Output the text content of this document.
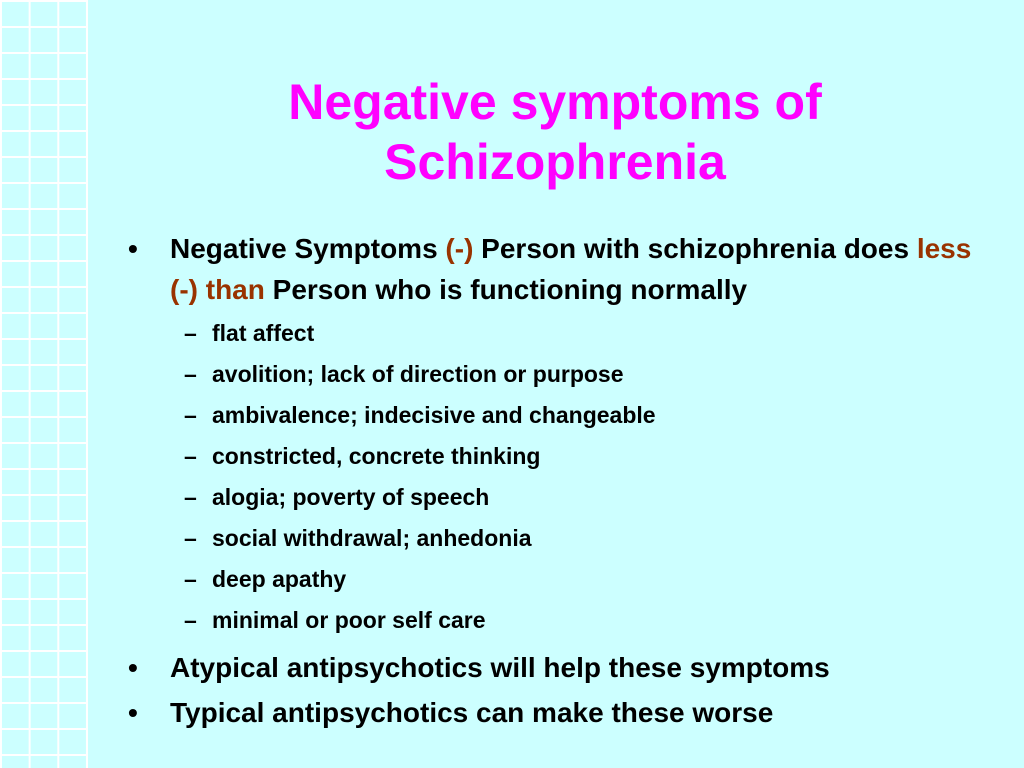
Negative symptoms of
Schizophrenia
• Negative Symptoms (-) Person with schizophrenia does less (-) than Person who is functioning normally
– flat affect
– avolition; lack of direction or purpose
– ambivalence; indecisive and changeable
– constricted, concrete thinking
– alogia; poverty of speech
– social withdrawal; anhedonia
– deep apathy
– minimal or poor self care
• Atypical antipsychotics will help these symptoms
• Typical antipsychotics can make these worse
